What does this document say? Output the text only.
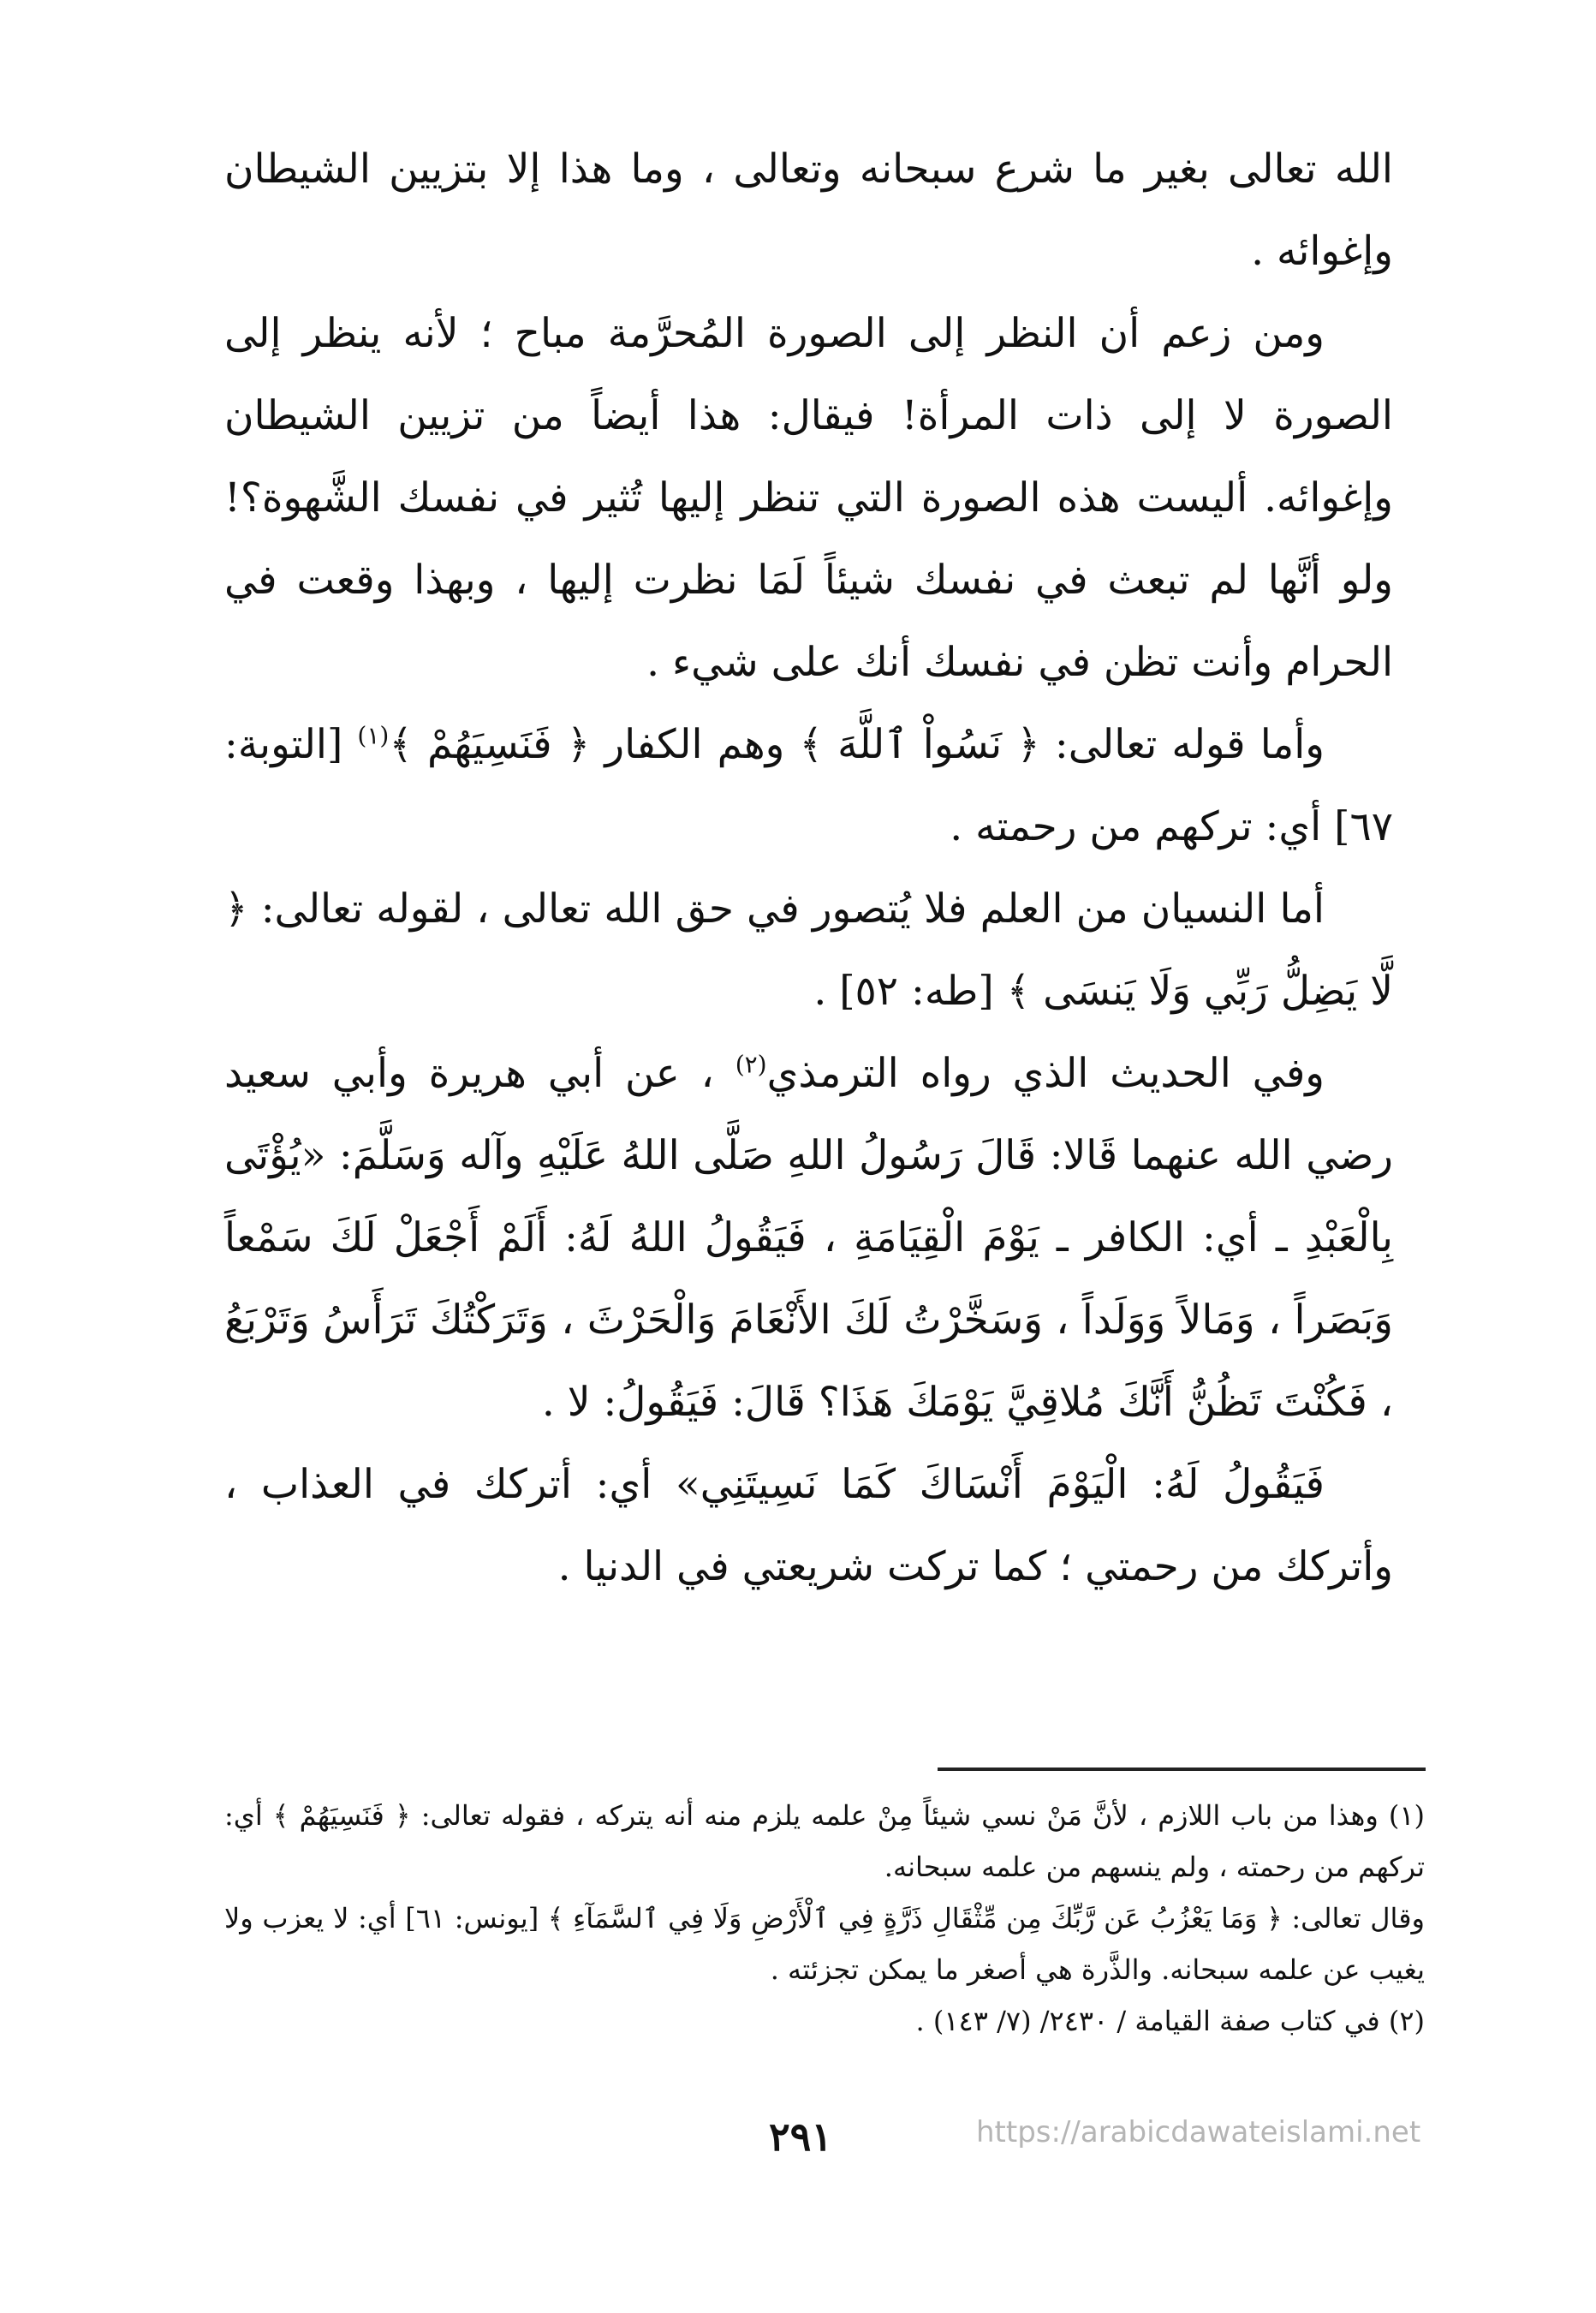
الله تعالى بغير ما شرع سبحانه وتعالى ، وما هذا إلا بتزيين الشيطان وإغوائه .

ومن زعم أن النظر إلى الصورة المُحرَّمة مباح ؛ لأنه ينظر إلى الصورة لا إلى ذات المرأة! فيقال: هذا أيضاً من تزيين الشيطان وإغوائه. أليست هذه الصورة التي تنظر إليها تُثير في نفسك الشَّهوة؟! ولو أنَّها لم تبعث في نفسك شيئاً لَمَا نظرت إليها ، وبهذا وقعت في الحرام وأنت تظن في نفسك أنك على شيء .

وأما قوله تعالى: ﴿ نَسُواْ ٱللَّهَ ﴾ وهم الكفار ﴿ فَنَسِيَهُمْ ﴾$^{(١)}$ [التوبة: ٦٧] أي: تركهم من رحمته .

أما النسيان من العلم فلا يُتصور في حق الله تعالى ، لقوله تعالى: ﴿ لَّا يَضِلُّ رَبِّي وَلَا يَنسَى ﴾ [طه: ٥٢] .

وفي الحديث الذي رواه الترمذي$^{(٢)}$ ، عن أبي هريرة وأبي سعيد رضي الله عنهما قَالا: قَالَ رَسُولُ اللهِ صَلَّى اللهُ عَلَيْهِ وآله وَسَلَّمَ: «يُؤْتَى بِالْعَبْدِ ـ أي: الكافر ـ يَوْمَ الْقِيَامَةِ ، فَيَقُولُ اللهُ لَهُ: أَلَمْ أَجْعَلْ لَكَ سَمْعاً وَبَصَراً ، وَمَالاً وَوَلَداً ، وَسَخَّرْتُ لَكَ الأَنْعَامَ وَالْحَرْثَ ، وَتَرَكْتُكَ تَرَأَسُ وَتَرْبَعُ ، فَكُنْتَ تَظُنُّ أَنَّكَ مُلاقِيَّ يَوْمَكَ هَذَا؟ قَالَ: فَيَقُولُ: لا .

فَيَقُولُ لَهُ: الْيَوْمَ أَنْسَاكَ كَمَا نَسِيتَنِي» أي: أتركك في العذاب ، وأتركك من رحمتي ؛ كما تركت شريعتي في الدنيا .

(١) وهذا من باب اللازم ، لأنَّ مَنْ نسي شيئاً مِنْ علمه يلزم منه أنه يتركه ، فقوله تعالى: ﴿ فَنَسِيَهُمْ ﴾ أي: تركهم من رحمته ، ولم ينسهم من علمه سبحانه.

وقال تعالى: ﴿ وَمَا يَعْزُبُ عَن رَّبِّكَ مِن مِّثْقَالِ ذَرَّةٍ فِي ٱلْأَرْضِ وَلَا فِي ٱلسَّمَآءِ ﴾ [يونس: ٦١] أي: لا يعزب ولا يغيب عن علمه سبحانه. والذَّرة هي أصغر ما يمكن تجزئته .

(٢) في كتاب صفة القيامة / ٢٤٣٠/ (٧/ ١٤٣) .

٢٩١	https://arabicdawateislami.net
